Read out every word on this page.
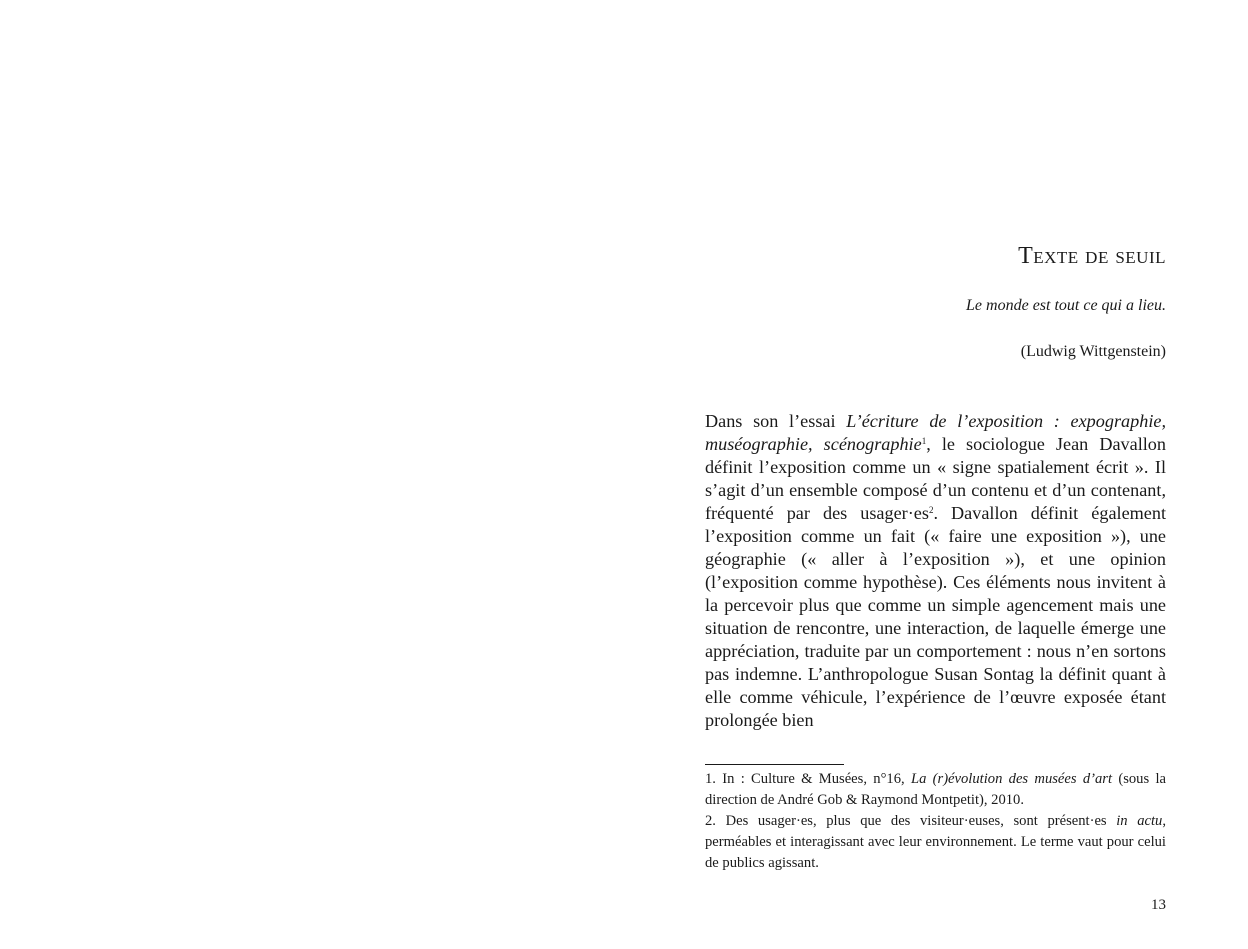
Texte de seuil
Le monde est tout ce qui a lieu.
(Ludwig Wittgenstein)

Dans son l’essai L’écriture de l’exposition : expographie, muséographie, scénographie$^1$, le sociologue Jean Davallon définit l’exposition comme un « signe spatialement écrit ». Il s’agit d’un ensemble composé d’un contenu et d’un contenant, fréquenté par des $usager\cdot es^2$. Davallon définit également l’exposition comme un fait (« faire une exposition »), une géographie (« aller à l’exposition »), et une opinion (l’exposition comme hypothèse). Ces éléments nous invitent à la percevoir plus que comme un simple agencement mais une situation de rencontre, une interaction, de laquelle émerge une appréciation, traduite par un comportement : nous n’en sortons pas indemne. L’anthropologue Susan Sontag la définit quant à elle comme véhicule, l’expérience de l’œuvre exposée étant prolongée bien

1. In : Culture & Musées, n°16, La (r)évolution des musées d’art (sous la direction de André Gob & Raymond Montpetit), 2010.

2. Des usager·es, plus que des visiteur·euses, sont présent·es in actu, perméables et interagissant avec leur environnement. Le terme vaut pour celui de publics agissant.

13
